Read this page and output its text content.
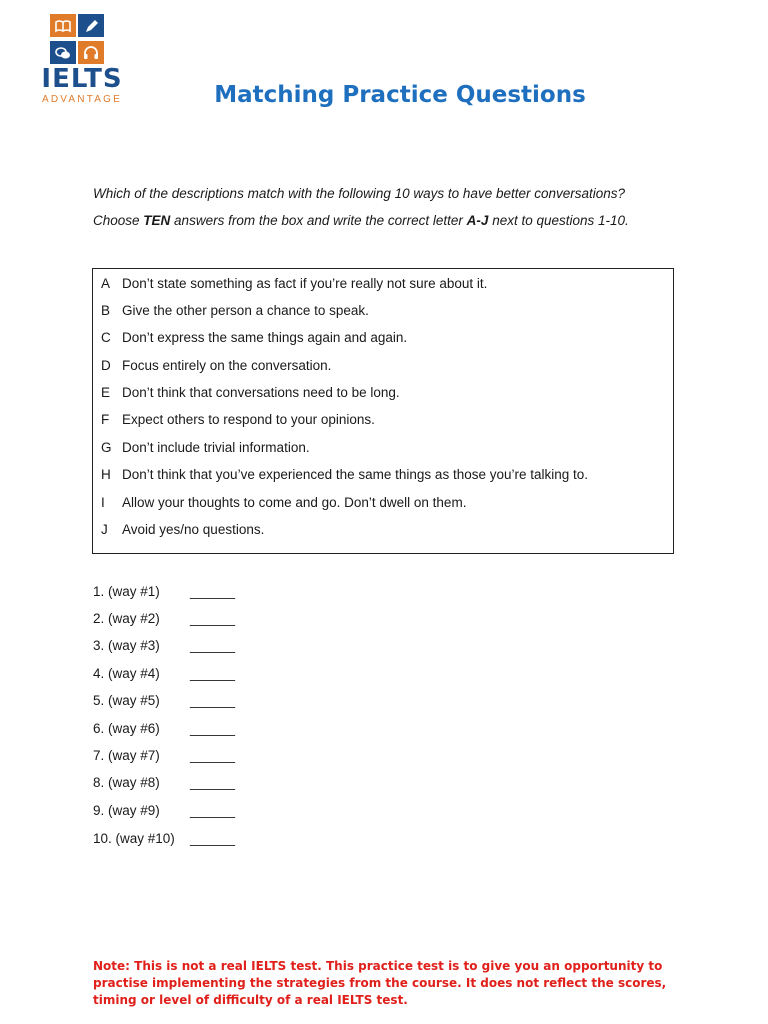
IELTS
ADVANTAGE	Matching Practice Questions
Which of the descriptions match with the following 10 ways to have better conversations?
Choose TEN answers from the box and write the correct letter A-J next to questions 1-10.
A Don’t state something as fact if you’re really not sure about it.
B Give the other person a chance to speak.
C Don’t express the same things again and again.
D Focus entirely on the conversation.
E Don’t think that conversations need to be long.
F Expect others to respond to your opinions.
G Don’t include trivial information.
H Don’t think that you’ve experienced the same things as those you’re talking to.
I	Allow your thoughts to come and go. Don’t dwell on them.
J	Avoid yes/no questions.
1. (way #1)	______
2. (way #2)	______
3. (way #3)	______
4. (way #4)	______
5. (way #5)	______
6. (way #6)	______
7. (way #7)	______
8. (way #8)	______
9. (way #9)	______
10. (way #10)	______
Note: This is not a real IELTS test. This practice test is to give you an opportunity to practise implementing the strategies from the course. It does not reflect the scores, timing or level of difficulty of a real IELTS test.
